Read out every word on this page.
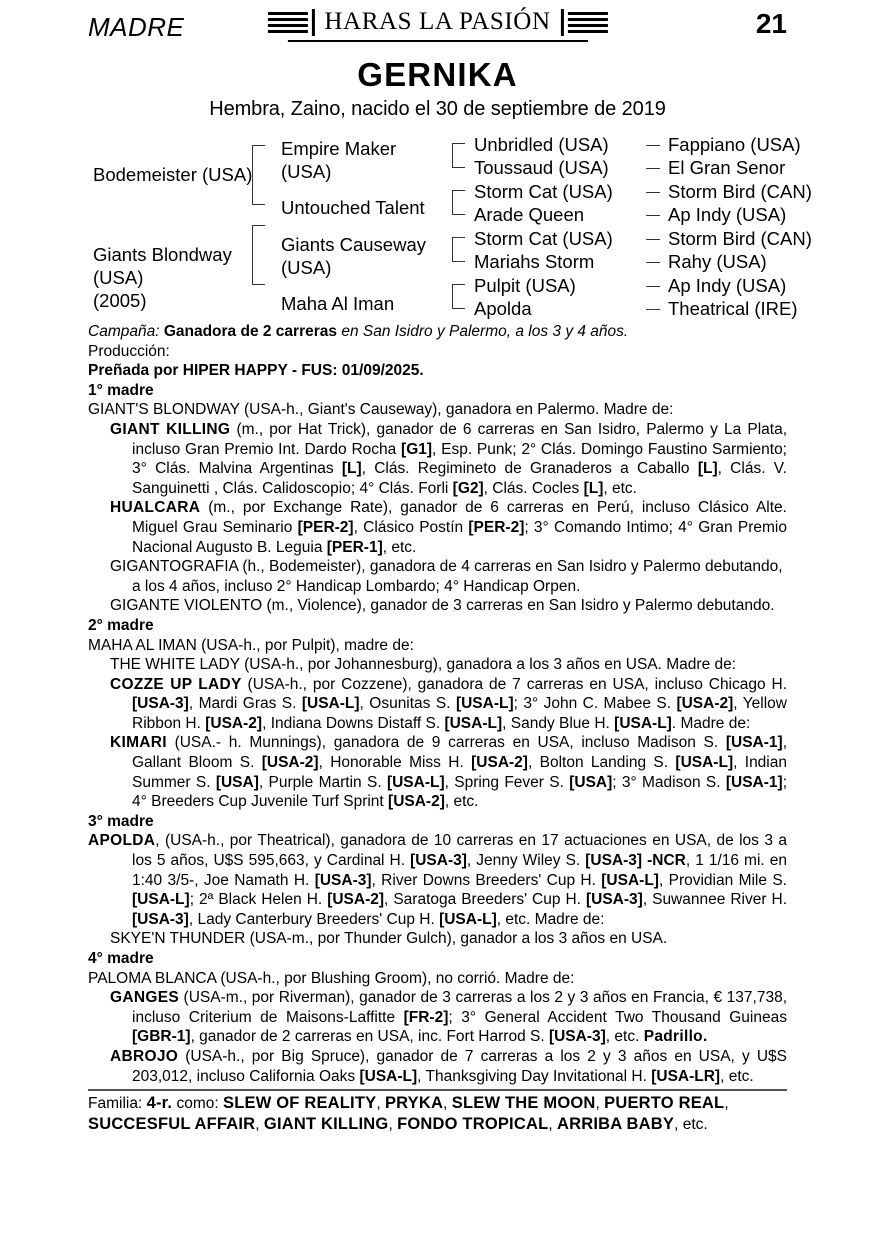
MADRE	HARAS LA PASIÓN	21
GERNIKA
Hembra, Zaino, nacido el 30 de septiembre de 2019
Bodemeister (USA)
Giants Blondway
(USA)
(2005)
Empire Maker
(USA)
Untouched Talent
Giants Causeway
(USA)
Maha Al Iman
Unbridled (USA)
Toussaud (USA)
Storm Cat (USA)
Arade Queen
Storm Cat (USA)
Mariahs Storm
Pulpit (USA)
Apolda
Fappiano (USA)
El Gran Senor
Storm Bird (CAN)
Ap Indy (USA)
Storm Bird (CAN)
Rahy (USA)
Ap Indy (USA)
Theatrical (IRE)

Campaña: Ganadora de 2 carreras en San Isidro y Palermo, a los 3 y 4 años.

Producción:

Preñada por HIPER HAPPY - FUS: 01/09/2025.

1° madre

GIANT'S BLONDWAY (USA-h., Giant's Causeway), ganadora en Palermo. Madre de:

GIANT KILLING (m., por Hat Trick), ganador de 6 carreras en San Isidro, Palermo y La Plata, incluso Gran Premio Int. Dardo Rocha [G1], Esp. Punk; 2° Clás. Domingo Faustino Sarmiento; 3° Clás. Malvina Argentinas [L], Clás. Regimineto de Granaderos a Caballo [L], Clás. V. Sanguinetti , Clás. Calidoscopio; 4° Clás. Forli [G2], Clás. Cocles [L], etc.

HUALCARA (m., por Exchange Rate), ganador de 6 carreras en Perú, incluso Clásico Alte. Miguel Grau Seminario [PER-2], Clásico Postín [PER-2]; 3° Comando Intimo; 4° Gran Premio Nacional Augusto B. Leguia [PER-1], etc.

GIGANTOGRAFIA (h., Bodemeister), ganadora de 4 carreras en San Isidro y Palermo debutando, a los 4 años, incluso 2° Handicap Lombardo; 4° Handicap Orpen.

GIGANTE VIOLENTO (m., Violence), ganador de 3 carreras en San Isidro y Palermo debutando.

2° madre

MAHA AL IMAN (USA-h., por Pulpit), madre de:

THE WHITE LADY (USA-h., por Johannesburg), ganadora a los 3 años en USA. Madre de:

COZZE UP LADY (USA-h., por Cozzene), ganadora de 7 carreras en USA, incluso Chicago H. [USA-3], Mardi Gras S. [USA-L], Osunitas S. [USA-L]; 3° John C. Mabee S. [USA-2], Yellow Ribbon H. [USA-2], Indiana Downs Distaff S. [USA-L], Sandy Blue H. [USA-L]. Madre de:

KIMARI (USA.- h. Munnings), ganadora de 9 carreras en USA, incluso Madison S. [USA-1], Gallant Bloom S. [USA-2], Honorable Miss H. [USA-2], Bolton Landing S. [USA-L], Indian Summer S. [USA], Purple Martin S. [USA-L], Spring Fever S. [USA]; 3° Madison S. [USA-1]; 4° Breeders Cup Juvenile Turf Sprint [USA-2], etc.

3° madre

APOLDA, (USA-h., por Theatrical), ganadora de 10 carreras en 17 actuaciones en USA, de los 3 a los 5 años, U$S 595,663, y Cardinal H. [USA-3], Jenny Wiley S. [USA-3] -NCR, 1 1/16 mi. en 1:40 3/5-, Joe Namath H. [USA-3], River Downs Breeders' Cup H. [USA-L], Providian Mile S. [USA-L]; 2ª Black Helen H. [USA-2], Saratoga Breeders' Cup H. [USA-3], Suwannee River H. [USA-3], Lady Canterbury Breeders' Cup H. [USA-L], etc. Madre de:

SKYE'N THUNDER (USA-m., por Thunder Gulch), ganador a los 3 años en USA.

4° madre

PALOMA BLANCA (USA-h., por Blushing Groom), no corrió. Madre de:

GANGES (USA-m., por Riverman), ganador de 3 carreras a los 2 y 3 años en Francia, € 137,738, incluso Criterium de Maisons-Laffitte [FR-2]; 3° General Accident Two Thousand Guineas [GBR-1], ganador de 2 carreras en USA, inc. Fort Harrod S. [USA-3], etc. Padrillo.

ABROJO (USA-h., por Big Spruce), ganador de 7 carreras a los 2 y 3 años en USA, y U$S 203,012, incluso California Oaks [USA-L], Thanksgiving Day Invitational H. [USA-LR], etc.

Familia: 4-r. como: SLEW OF REALITY, PRYKA, SLEW THE MOON, PUERTO REAL, SUCCESFUL AFFAIR, GIANT KILLING, FONDO TROPICAL, ARRIBA BABY, etc.
